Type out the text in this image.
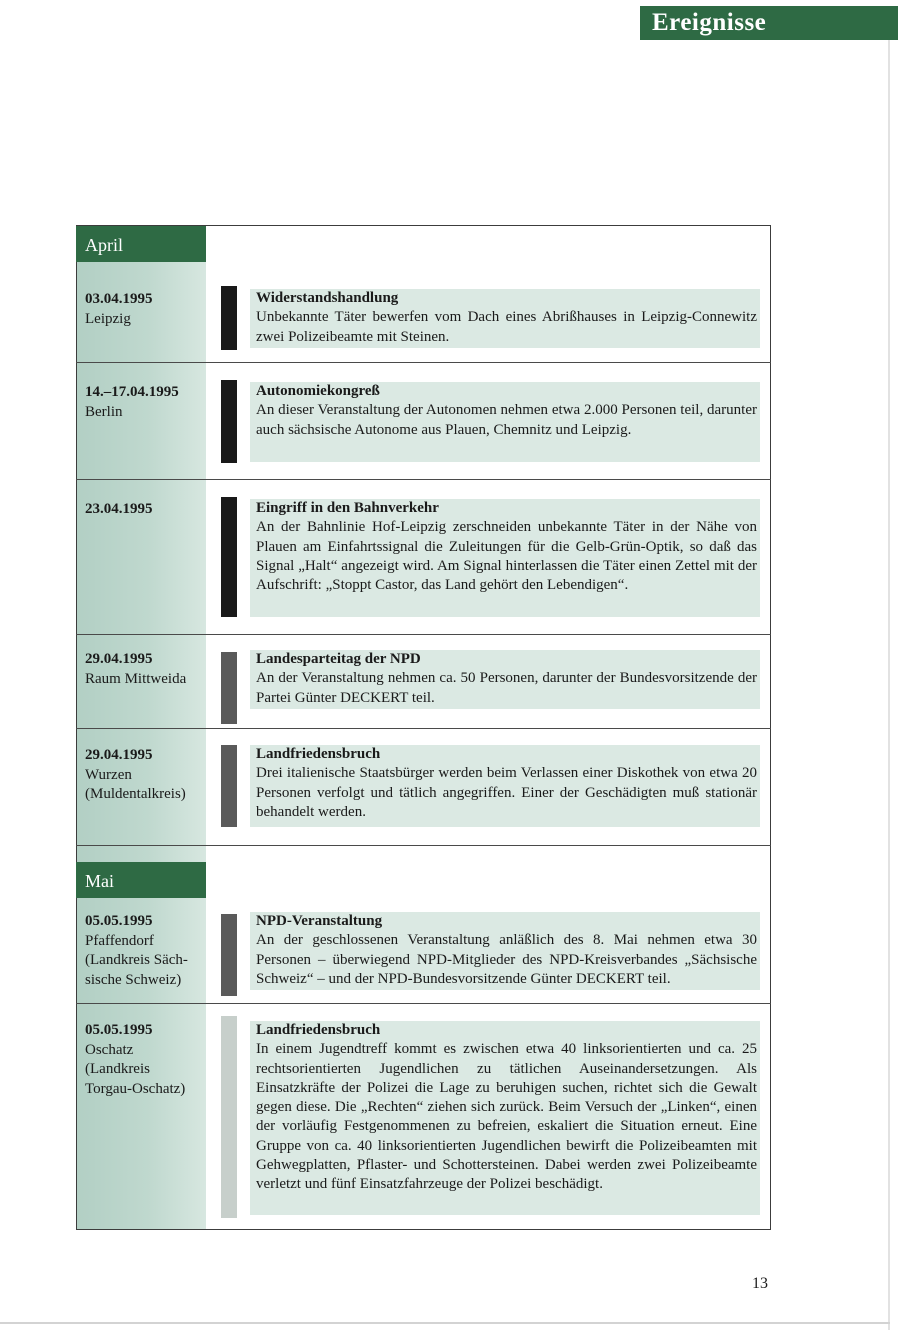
Ereignisse
April
03.04.1995
Leipzig
Widerstandshandlung
Unbekannte Täter bewerfen vom Dach eines Abrißhauses in Leipzig-Connewitz zwei Polizeibeamte mit Steinen.
14.–17.04.1995
Berlin
Autonomiekongreß
An dieser Veranstaltung der Autonomen nehmen etwa 2.000 Personen teil, darunter auch sächsische Autonome aus Plauen, Chemnitz und Leipzig.
23.04.1995	Eingriff in den Bahnverkehr
An der Bahnlinie Hof-Leipzig zerschneiden unbekannte Täter in der Nähe von Plauen am Einfahrtssignal die Zuleitungen für die Gelb-Grün-Optik, so daß das Signal „Halt“ angezeigt wird. Am Signal hinterlassen die Täter einen Zettel mit der Aufschrift: „Stoppt Castor, das Land gehört den Lebendigen“.
29.04.1995
Raum Mittweida
Landesparteitag der NPD
An der Veranstaltung nehmen ca. 50 Personen, darunter der Bundesvorsitzende der Partei Günter DECKERT teil.
29.04.1995
Wurzen
(Muldentalkreis)
Landfriedensbruch
Drei italienische Staatsbürger werden beim Verlassen einer Diskothek von etwa 20 Personen verfolgt und tätlich angegriffen. Einer der Geschädigten muß stationär behandelt werden.
Mai
05.05.1995
Pfaffendorf
(Landkreis Säch-
sische Schweiz)
NPD-Veranstaltung
An der geschlossenen Veranstaltung anläßlich des 8. Mai nehmen etwa 30 Personen – überwiegend NPD-Mitglieder des NPD-Kreisverbandes „Sächsische Schweiz“ – und der NPD-Bundesvorsitzende Günter DECKERT teil.
05.05.1995
Oschatz
(Landkreis
Torgau-Oschatz)
Landfriedensbruch
In einem Jugendtreff kommt es zwischen etwa 40 linksorientierten und ca. 25 rechtsorientierten Jugendlichen zu tätlichen Auseinandersetzungen. Als Einsatzkräfte der Polizei die Lage zu beruhigen suchen, richtet sich die Gewalt gegen diese. Die „Rechten“ ziehen sich zurück. Beim Versuch der „Linken“, einen der vorläufig Festgenommenen zu befreien, eskaliert die Situation erneut. Eine Gruppe von ca. 40 linksorientierten Jugendlichen bewirft die Polizeibeamten mit Gehwegplatten, Pflaster- und Schottersteinen. Dabei werden zwei Polizeibeamte verletzt und fünf Einsatzfahrzeuge der Polizei beschädigt.
13
